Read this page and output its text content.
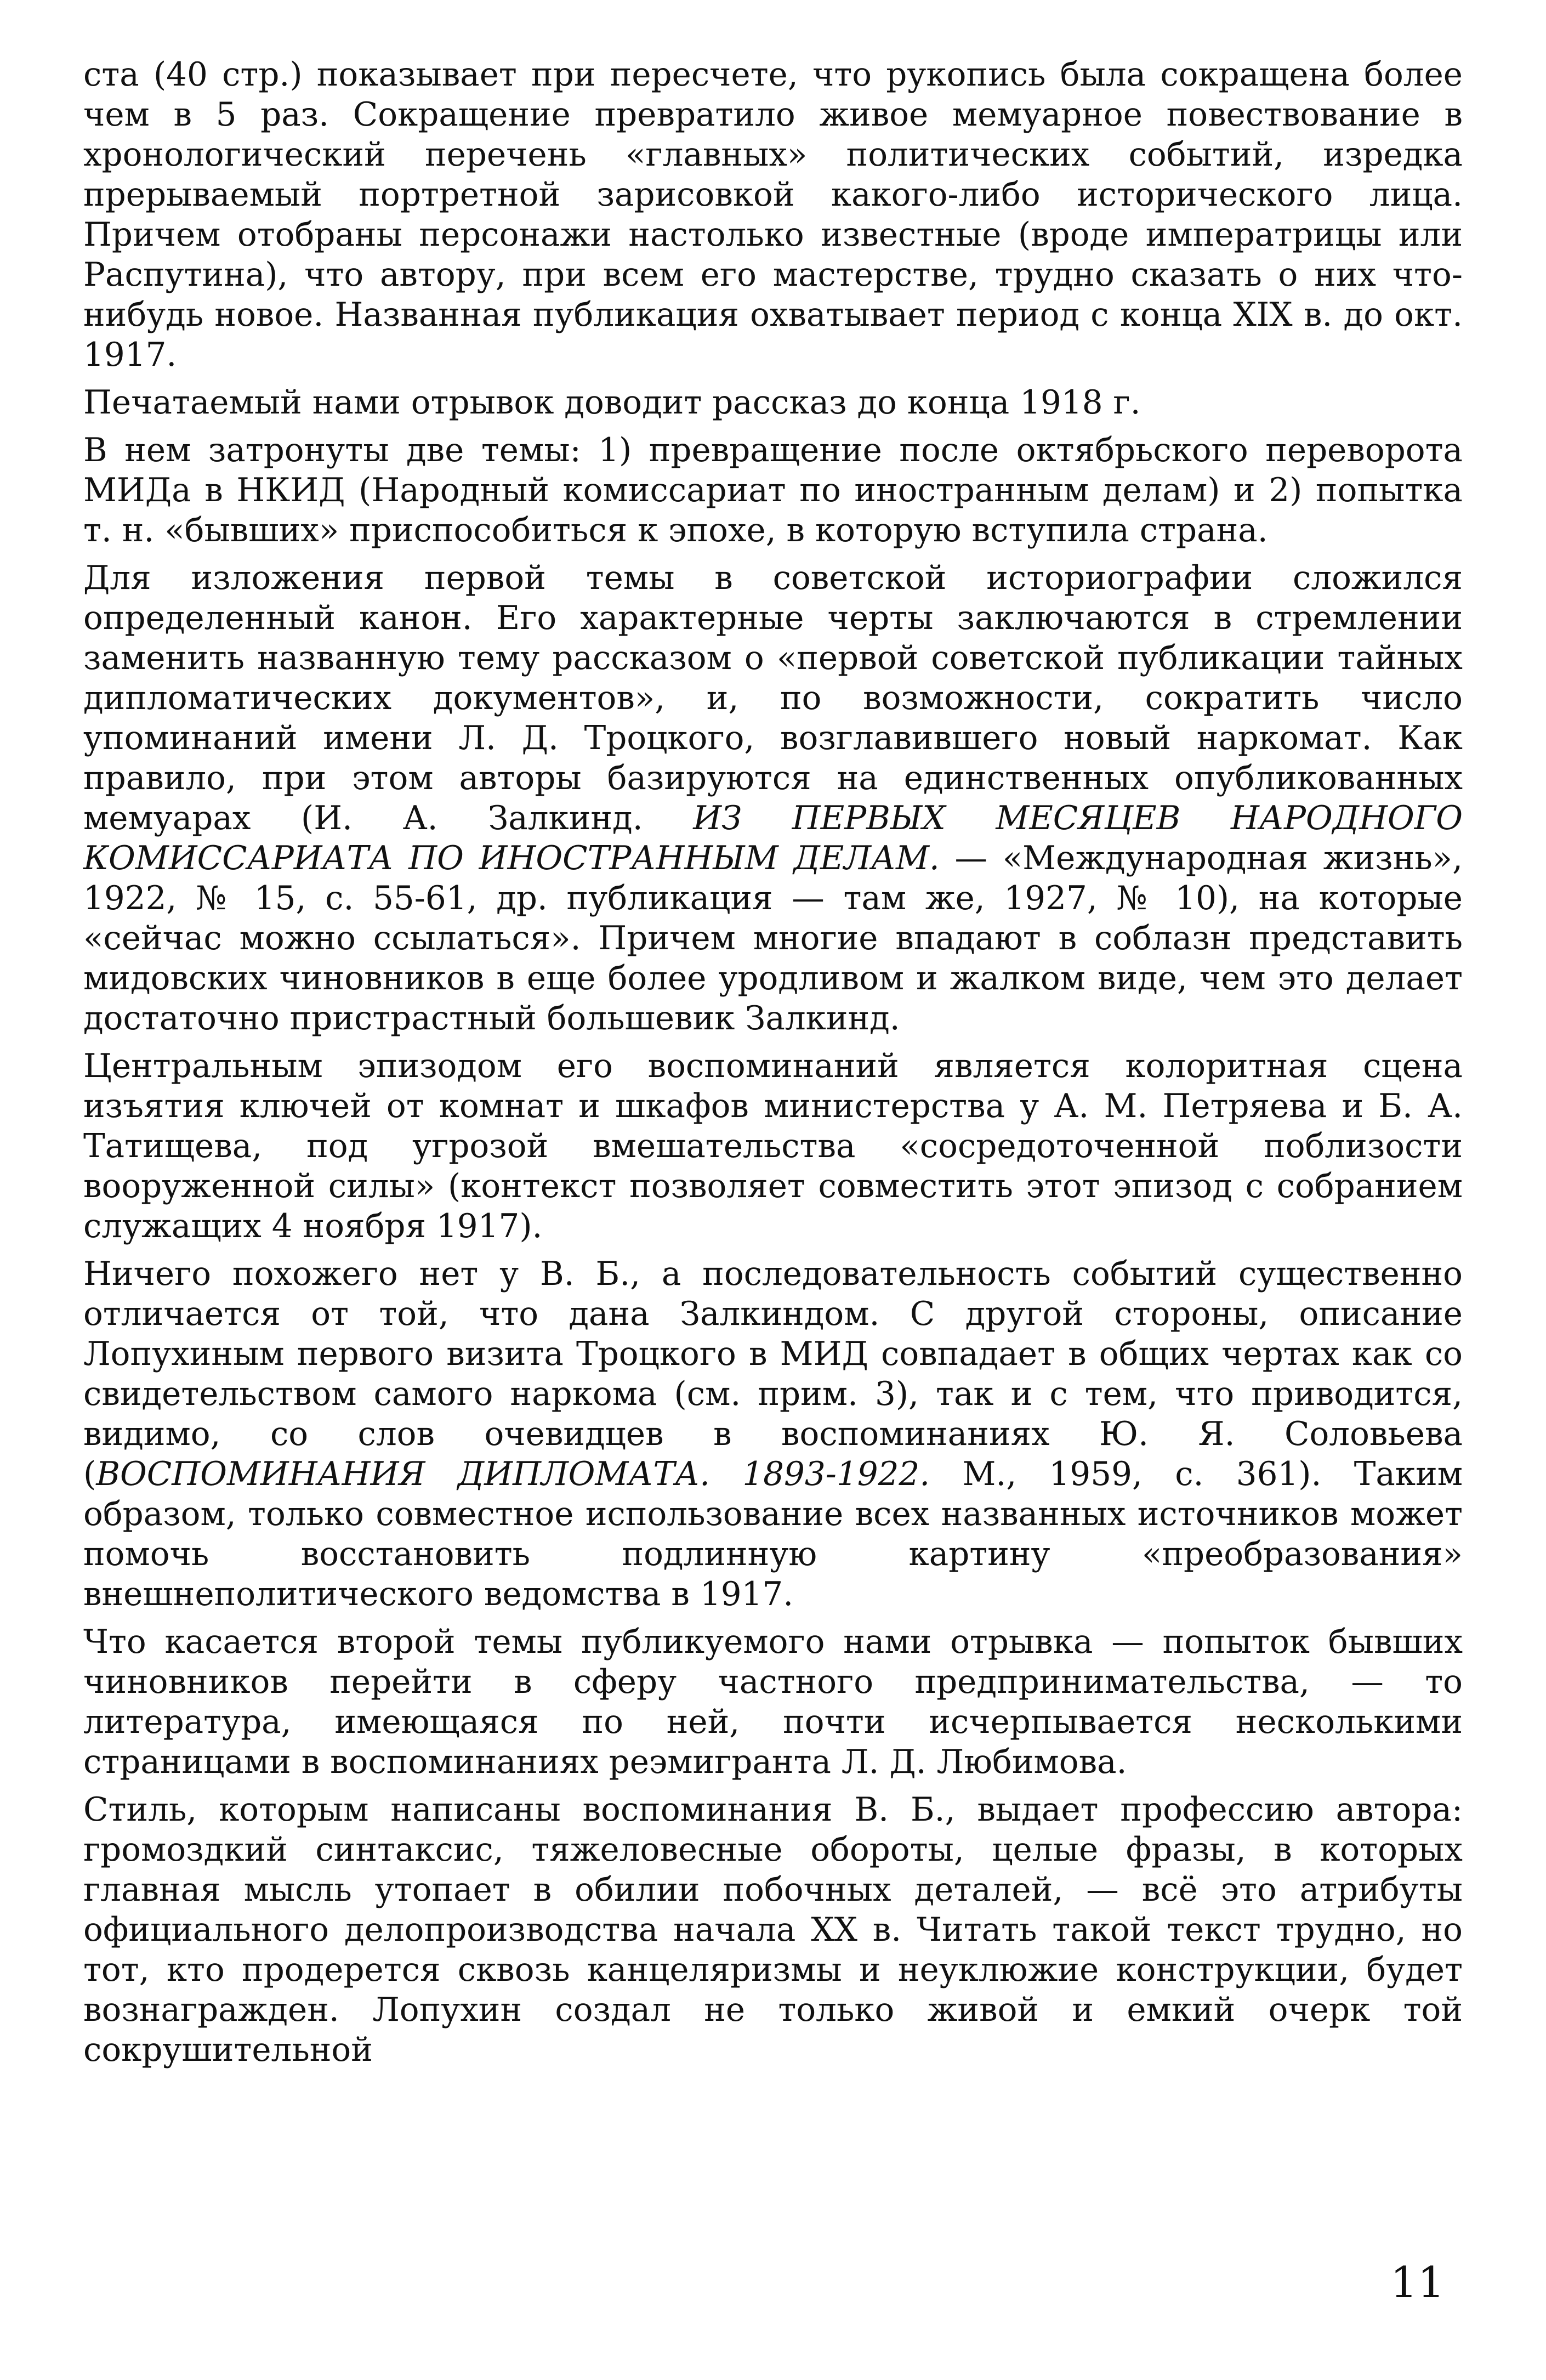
ста (40 стр.) показывает при пересчете, что рукопись была сокращена более чем в 5 раз. Сокращение превратило живое мемуарное повествование в хронологический перечень «главных» политических событий, изредка прерываемый портретной зарисовкой какого-либо исторического лица. Причем отобраны персонажи настолько известные (вроде императрицы или Распутина), что автору, при всем его мастерстве, трудно сказать о них что-нибудь новое. Названная публикация охватывает период с конца XIX в. до окт. 1917.

Печатаемый нами отрывок доводит рассказ до конца 1918 г.

В нем затронуты две темы: 1) превращение после октябрьского переворота МИДа в НКИД (Народный комиссариат по иностранным делам) и 2) попытка т. н. «бывших» приспособиться к эпохе, в которую вступила страна.

Для изложения первой темы в советской историографии сложился определенный канон. Его характерные черты заключаются в стремлении заменить названную тему рассказом о «первой советской публикации тайных дипломатических документов», и, по возможности, сократить число упоминаний имени Л. Д. Троцкого, возглавившего новый наркомат. Как правило, при этом авторы базируются на единственных опубликованных мемуарах (И. А. Залкинд. ИЗ ПЕРВЫХ МЕСЯЦЕВ НАРОДНОГО КОМИССАРИАТА ПО ИНОСТРАННЫМ ДЕЛАМ. — «Международная жизнь», 1922, № 15, с. 55-61, др. публикация — там же, 1927, № 10), на которые «сейчас можно ссылаться». Причем многие впадают в соблазн представить мидовских чиновников в еще более уродливом и жалком виде, чем это делает достаточно пристрастный большевик Залкинд.

Центральным эпизодом его воспоминаний является колоритная сцена изъятия ключей от комнат и шкафов министерства у А. М. Петряева и Б. А. Татищева, под угрозой вмешательства «сосредоточенной поблизости вооруженной силы» (контекст позволяет совместить этот эпизод с собранием служащих 4 ноября 1917).

Ничего похожего нет у В. Б., а последовательность событий существенно отличается от той, что дана Залкиндом. С другой стороны, описание Лопухиным первого визита Троцкого в МИД совпадает в общих чертах как со свидетельством самого наркома (см. прим. 3), так и с тем, что приводится, видимо, со слов очевидцев в воспоминаниях Ю. Я. Соловьева (ВОСПОМИНАНИЯ ДИПЛОМАТА. 1893-1922. М., 1959, с. 361). Таким образом, только совместное использование всех названных источников может помочь восстановить подлинную картину «преобразования» внешнеполитического ведомства в 1917.

Что касается второй темы публикуемого нами отрывка — попыток бывших чиновников перейти в сферу частного предпринимательства, — то литература, имеющаяся по ней, почти исчерпывается несколькими страницами в воспоминаниях реэмигранта Л. Д. Любимова.

Стиль, которым написаны воспоминания В. Б., выдает профессию автора: громоздкий синтаксис, тяжеловесные обороты, целые фразы, в которых главная мысль утопает в обилии побочных деталей, — всё это атрибуты официального делопроизводства начала XX в. Читать такой текст трудно, но тот, кто продерется сквозь канцеляризмы и неуклюжие конструкции, будет вознагражден. Лопухин создал не только живой и емкий очерк той сокрушительной

11
